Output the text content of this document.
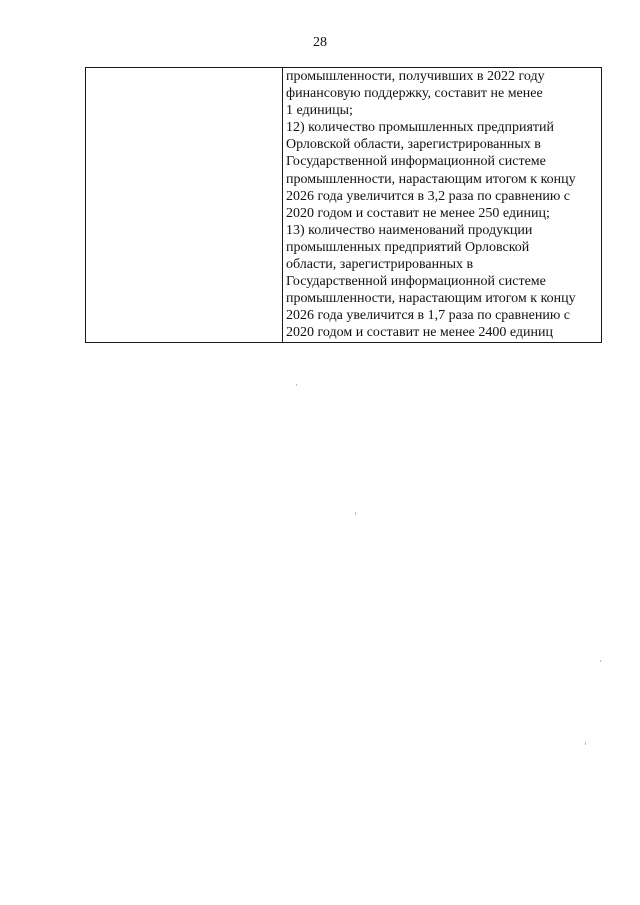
28

промышленности, получивших в 2022 году
финансовую поддержку, составит не менее
1 единицы;
12) количество промышленных предприятий
Орловской области, зарегистрированных в
Государственной информационной системе
промышленности, нарастающим итогом к концу
2026 года увеличится в 3,2 раза по сравнению с
2020 годом и составит не менее 250 единиц;
13) количество наименований продукции
промышленных предприятий Орловской
области, зарегистрированных в
Государственной информационной системе
промышленности, нарастающим итогом к концу
2026 года увеличится в 1,7 раза по сравнению с
2020 годом и составит не менее 2400 единиц
